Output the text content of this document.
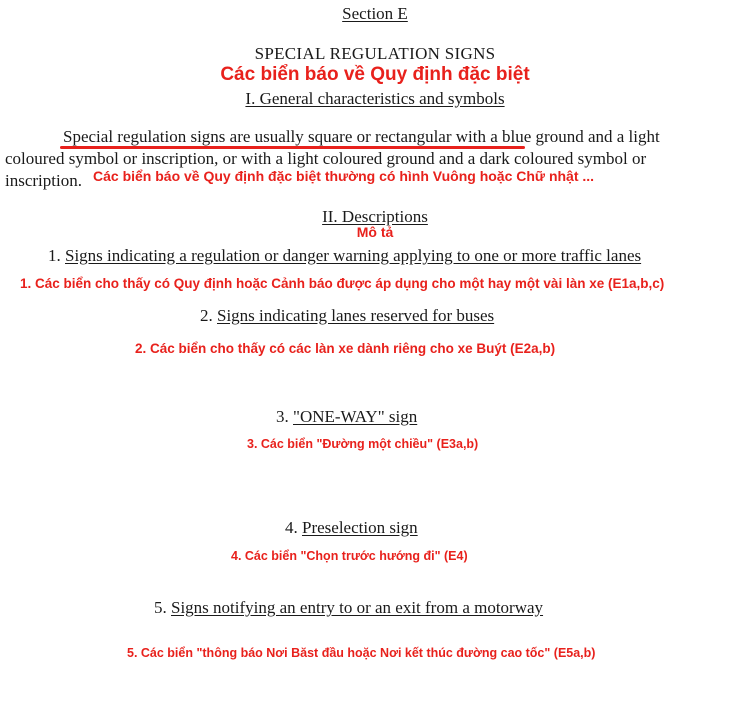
Section E
SPECIAL REGULATION SIGNS
Các biển báo về Quy định đặc biệt
I. General characteristics and symbols
Special regulation signs are usually square or rectangular with a blue ground and a light
coloured symbol or inscription, or with a light coloured ground and a dark coloured symbol or
inscription. Các biển báo về Quy định đặc biệt thường có hình Vuông hoặc Chữ nhật ...
II. Descriptions
Mô tả
1. Signs indicating a regulation or danger warning applying to one or more traffic lanes
1. Các biển cho thấy có Quy định hoặc Cảnh báo được áp dụng cho một hay một vài làn xe (E1a,b,c)
2. Signs indicating lanes reserved for buses
2. Các biển cho thấy có các làn xe dành riêng cho xe Buýt (E2a,b)
3. "ONE-WAY" sign
3. Các biển "Đường một chiều" (E3a,b)
4. Preselection sign
4. Các biển "Chọn trước hướng đi" (E4)
5. Signs notifying an entry to or an exit from a motorway
5. Các biển "thông báo Nơi Băst đầu hoặc Nơi kết thúc đường cao tốc" (E5a,b)
